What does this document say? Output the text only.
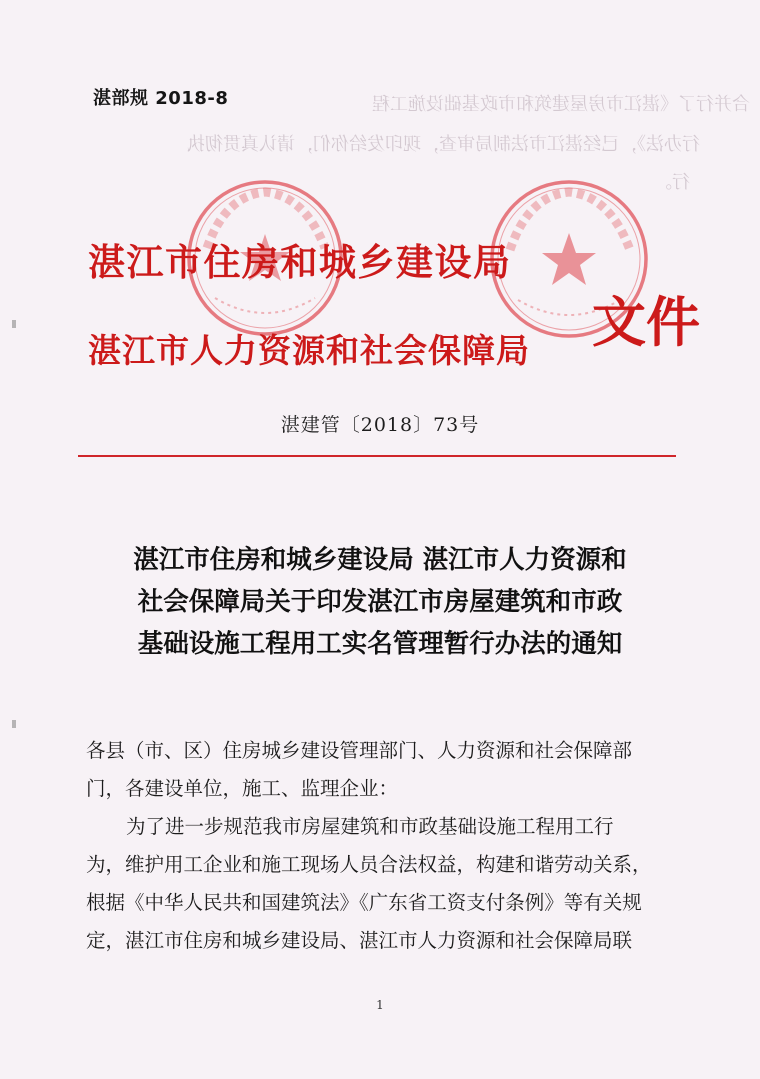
湛部规 2018-8	合并行了《湛江市房屋建筑和市政基础设施工程
行办法》，已经湛江市法制局审查，现印发给你们，请认真贯彻执
行。
湛江市住房和城乡建设局
湛江市人力资源和社会保障局 文件
湛建管〔2018〕73号
湛江市住房和城乡建设局 湛江市人力资源和
社会保障局关于印发湛江市房屋建筑和市政
基础设施工程用工实名管理暂行办法的通知

各县（市、区）住房城乡建设管理部门、人力资源和社会保障部

门，各建设单位，施工、监理企业：

为了进一步规范我市房屋建筑和市政基础设施工程用工行

为，维护用工企业和施工现场人员合法权益，构建和谐劳动关系，

根据《中华人民共和国建筑法》《广东省工资支付条例》等有关规

定，湛江市住房和城乡建设局、湛江市人力资源和社会保障局联

1
